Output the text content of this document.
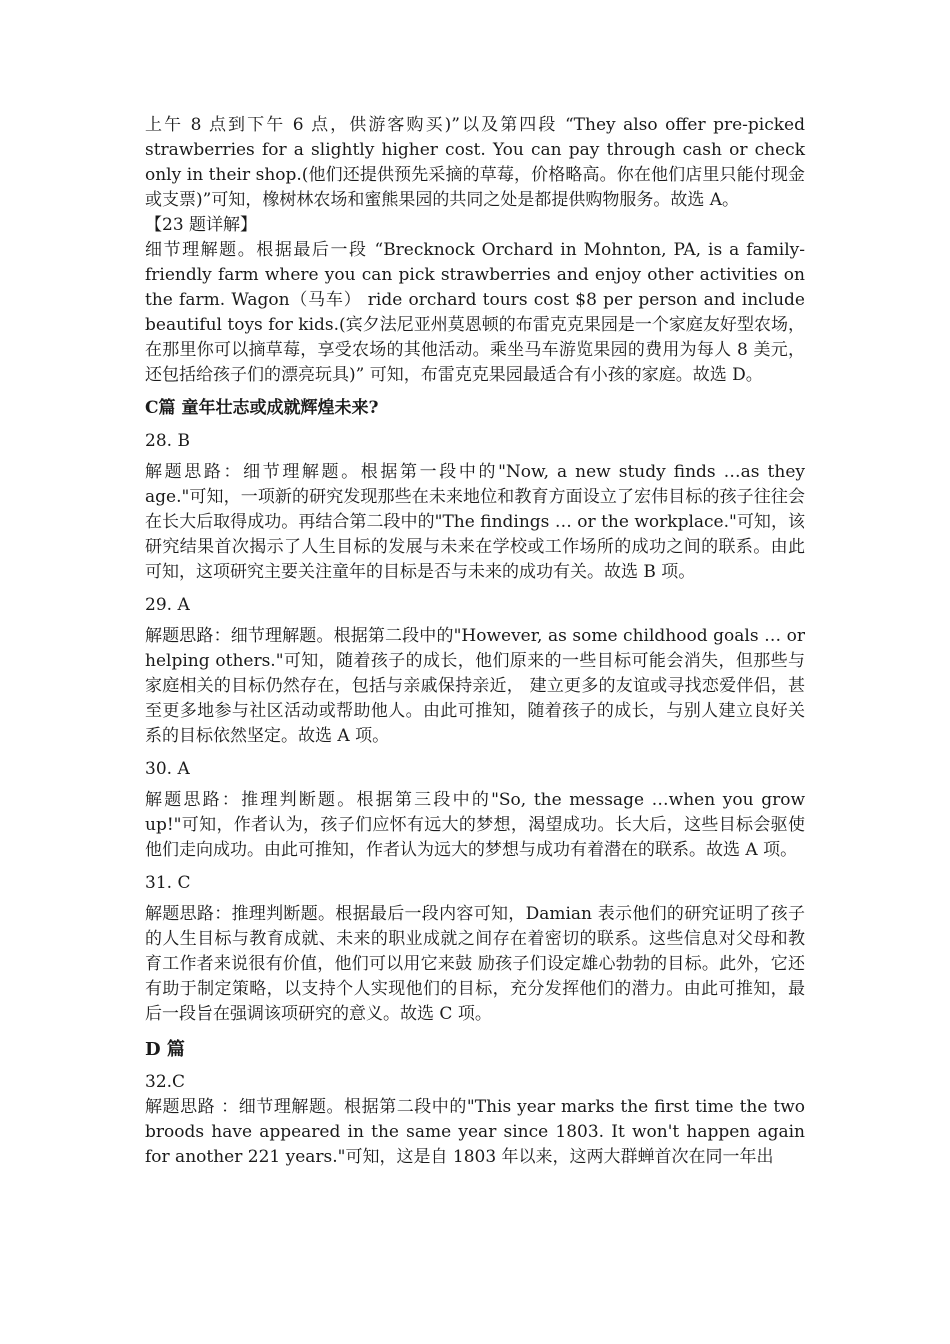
上午 8 点到下午 6 点，供游客购买)”以及第四段 “They also offer pre-picked strawberries for a slightly higher cost. You can pay through cash or check only in their shop.(他们还提供预先采摘的草莓，价格略高。你在他们店里只能付现金或支票)”可知，橡树林农场和蜜熊果园的共同之处是都提供购物服务。故选 A。

【23 题详解】

细节理解题。根据最后一段 “Brecknock Orchard in Mohnton, PA, is a family-friendly farm where you can pick strawberries and enjoy other activities on the farm. Wagon（马车） ride orchard tours cost $8 per person and include beautiful toys for kids.(宾夕法尼亚州莫恩顿的布雷克克果园是一个家庭友好型农场，在那里你可以摘草莓，享受农场的其他活动。乘坐马车游览果园的费用为每人 8 美元，还包括给孩子们的漂亮玩具)” 可知，布雷克克果园最适合有小孩的家庭。故选 D。

C篇 童年壮志或成就辉煌未来?

28. B

解题思路：细节理解题。根据第一段中的"Now, a new study finds …as they age."可知，一项新的研究发现那些在未来地位和教育方面设立了宏伟目标的孩子往往会在长大后取得成功。再结合第二段中的"The findings … or the workplace."可知，该研究结果首次揭示了人生目标的发展与未来在学校或工作场所的成功之间的联系。由此可知，这项研究主要关注童年的目标是否与未来的成功有关。故选 B 项。

29. A

解题思路：细节理解题。根据第二段中的"However, as some childhood goals … or helping others."可知，随着孩子的成长，他们原来的一些目标可能会消失，但那些与家庭相关的目标仍然存在，包括与亲戚保持亲近， 建立更多的友谊或寻找恋爱伴侣，甚至更多地参与社区活动或帮助他人。由此可推知，随着孩子的成长，与别人建立良好关系的目标依然坚定。故选 A 项。

30. A

解题思路：推理判断题。根据第三段中的"So, the message …when you grow up!"可知，作者认为，孩子们应怀有远大的梦想，渴望成功。长大后，这些目标会驱使他们走向成功。由此可推知，作者认为远大的梦想与成功有着潜在的联系。故选 A 项。

31. C

解题思路：推理判断题。根据最后一段内容可知，Damian 表示他们的研究证明了孩子的人生目标与教育成就、未来的职业成就之间存在着密切的联系。这些信息对父母和教育工作者来说很有价值，他们可以用它来鼓 励孩子们设定雄心勃勃的目标。此外，它还有助于制定策略，以支持个人实现他们的目标，充分发挥他们的潜力。由此可推知，最后一段旨在强调该项研究的意义。故选 C 项。

D 篇

32.C

解题思路 ：细节理解题。根据第二段中的"This year marks the first time the two broods have appeared in the same year since 1803. It won't happen again for another 221 years."可知，这是自 1803 年以来，这两大群蝉首次在同一年出
